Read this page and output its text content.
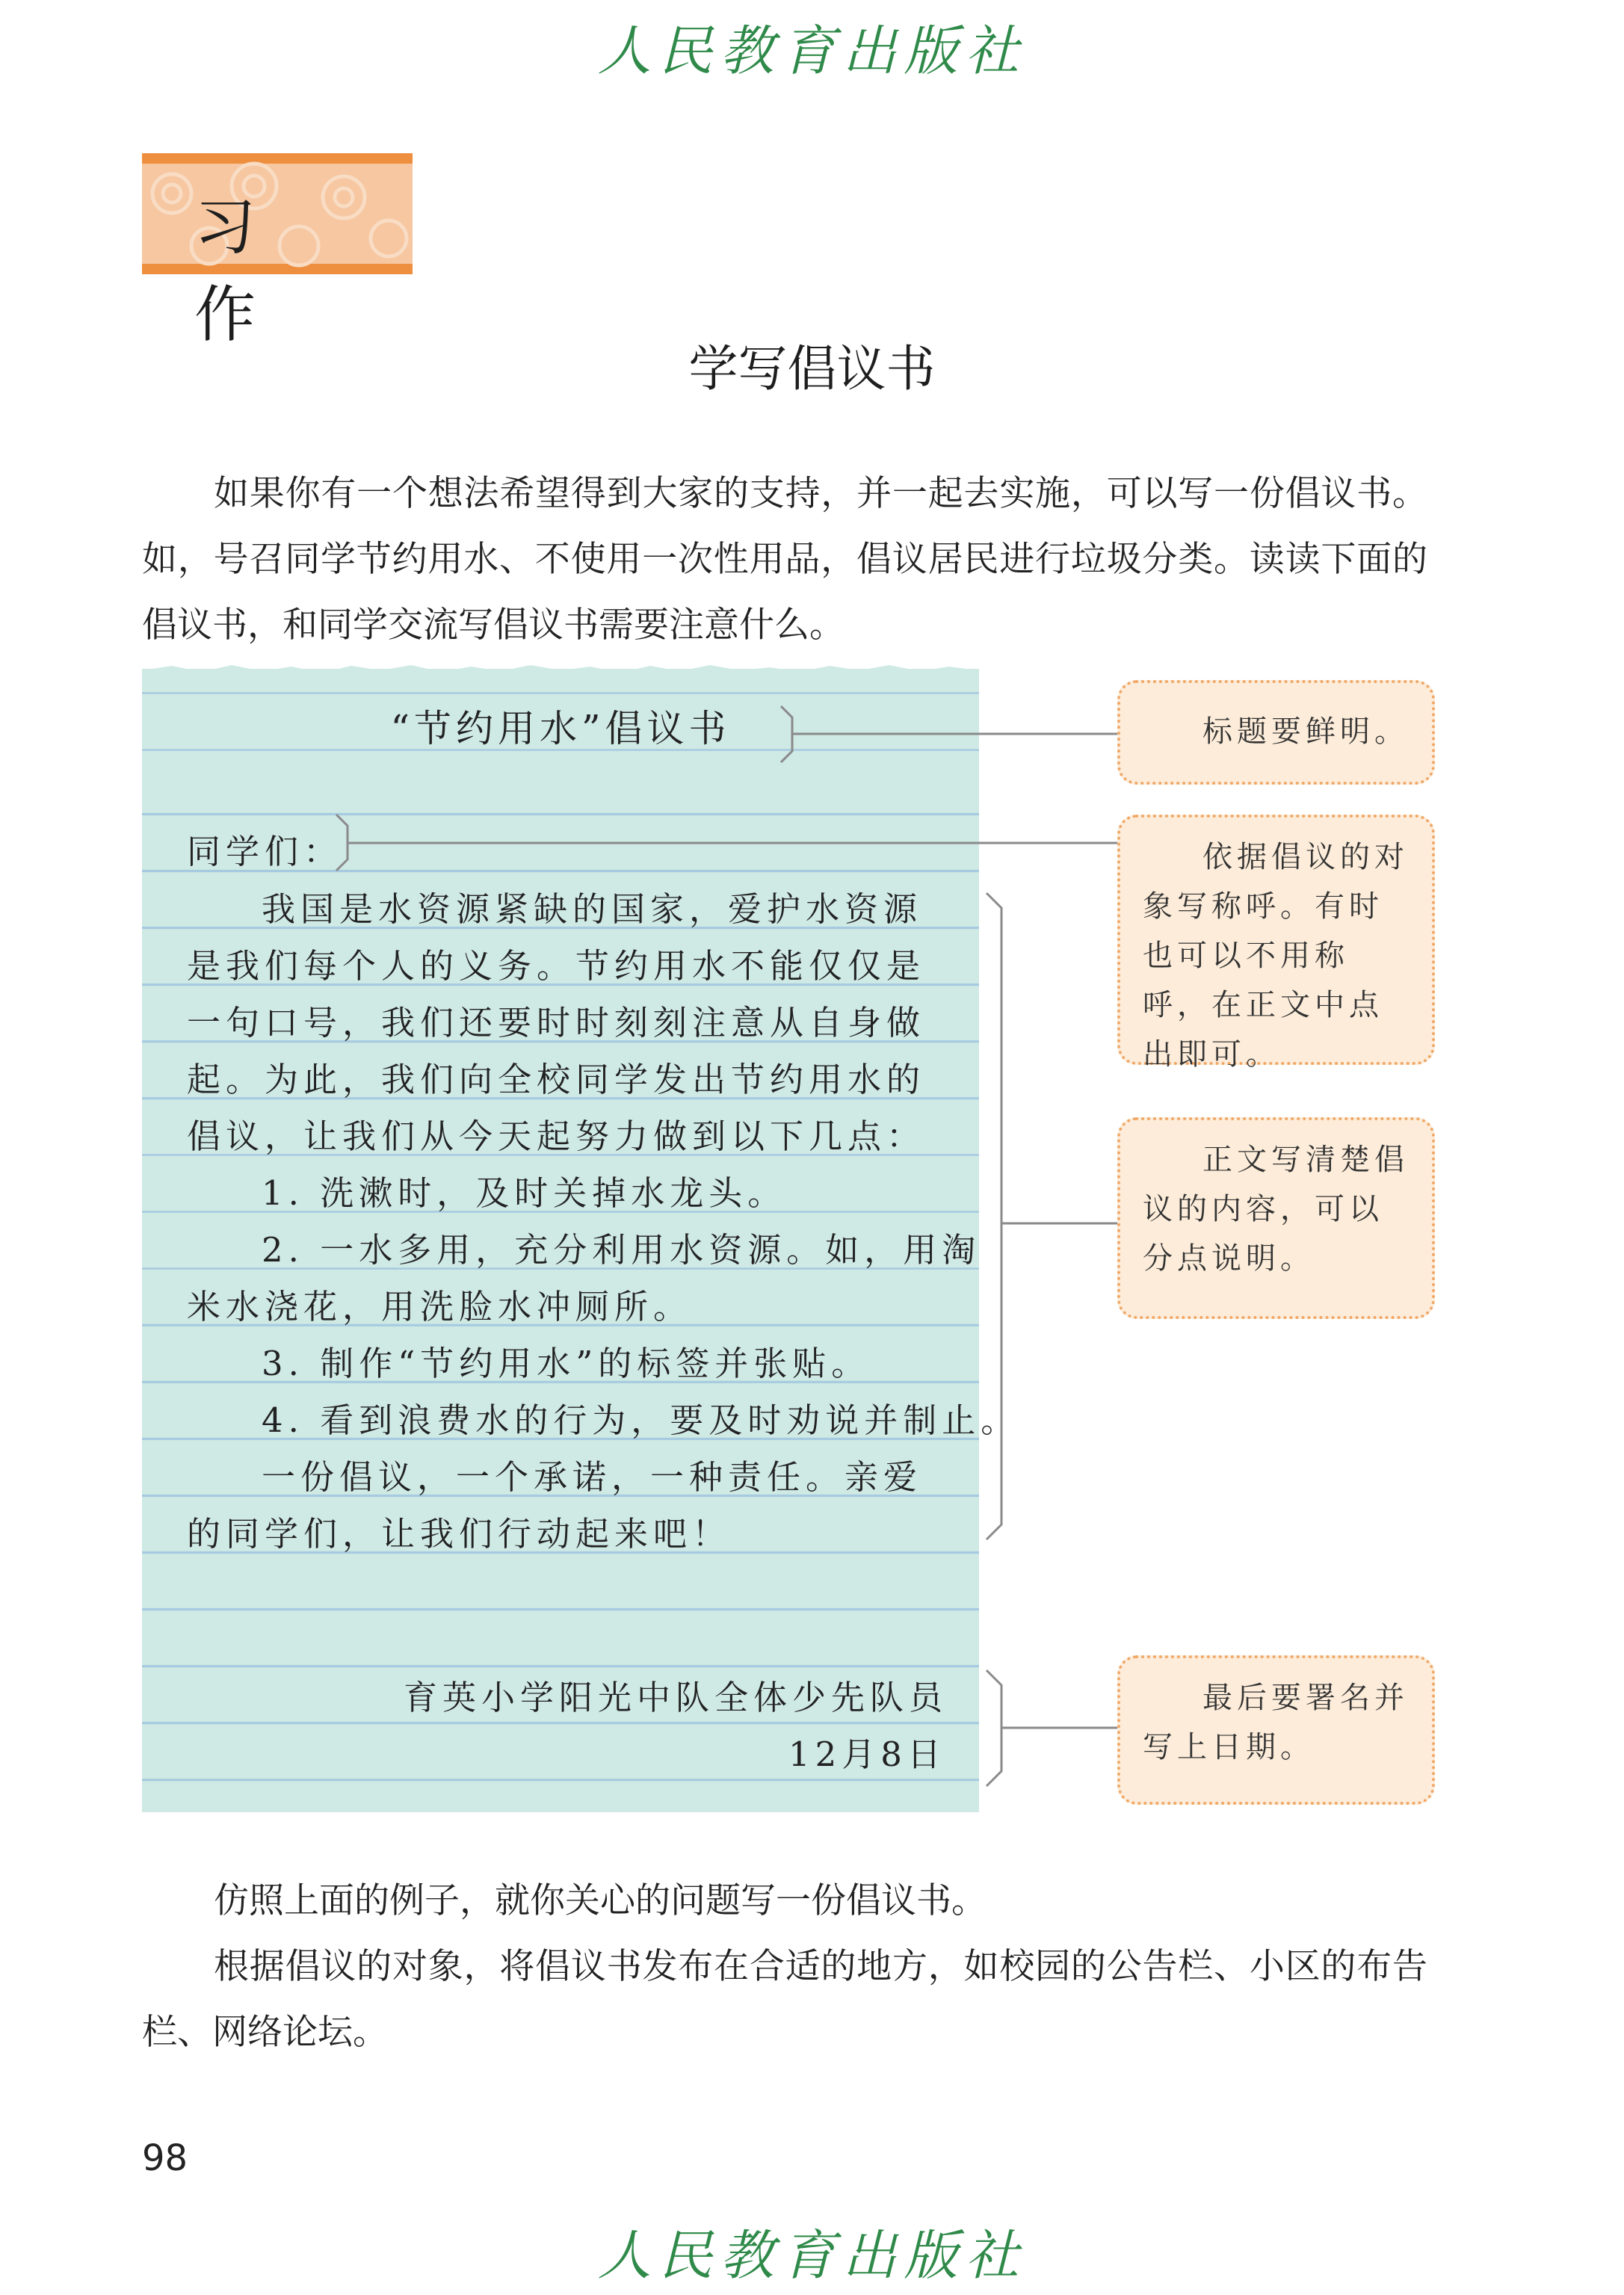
人民教育出版社
习 作
学写倡议书
如果你有一个想法希望得到大家的支持，并一起去实施，可以写一份倡议书。如，号召同学节约用水、不使用一次性用品，倡议居民进行垃圾分类。读读下面的倡议书，和同学交流写倡议书需要注意什么。
“节约用水”倡议书
同学们：
我国是水资源紧缺的国家，爱护水资源
是我们每个人的义务。节约用水不能仅仅是
一句口号，我们还要时时刻刻注意从自身做
起。为此，我们向全校同学发出节约用水的
倡议，让我们从今天起努力做到以下几点：
1. 洗漱时，及时关掉水龙头。
2. 一水多用，充分利用水资源。如，用淘
米水浇花，用洗脸水冲厕所。
3. 制作“节约用水”的标签并张贴。
4. 看到浪费水的行为，要及时劝说并制止。
一份倡议，一个承诺，一种责任。亲爱
的同学们，让我们行动起来吧！
育英小学阳光中队全体少先队员
12月8日
标题要鲜明。
依据倡议的对象写称呼。有时也可以不用称呼，在正文中点出即可。
正文写清楚倡议的内容，可以分点说明。
最后要署名并写上日期。
仿照上面的例子，就你关心的问题写一份倡议书。
根据倡议的对象，将倡议书发布在合适的地方，如校园的公告栏、小区的布告栏、网络论坛。
98
人民教育出版社
